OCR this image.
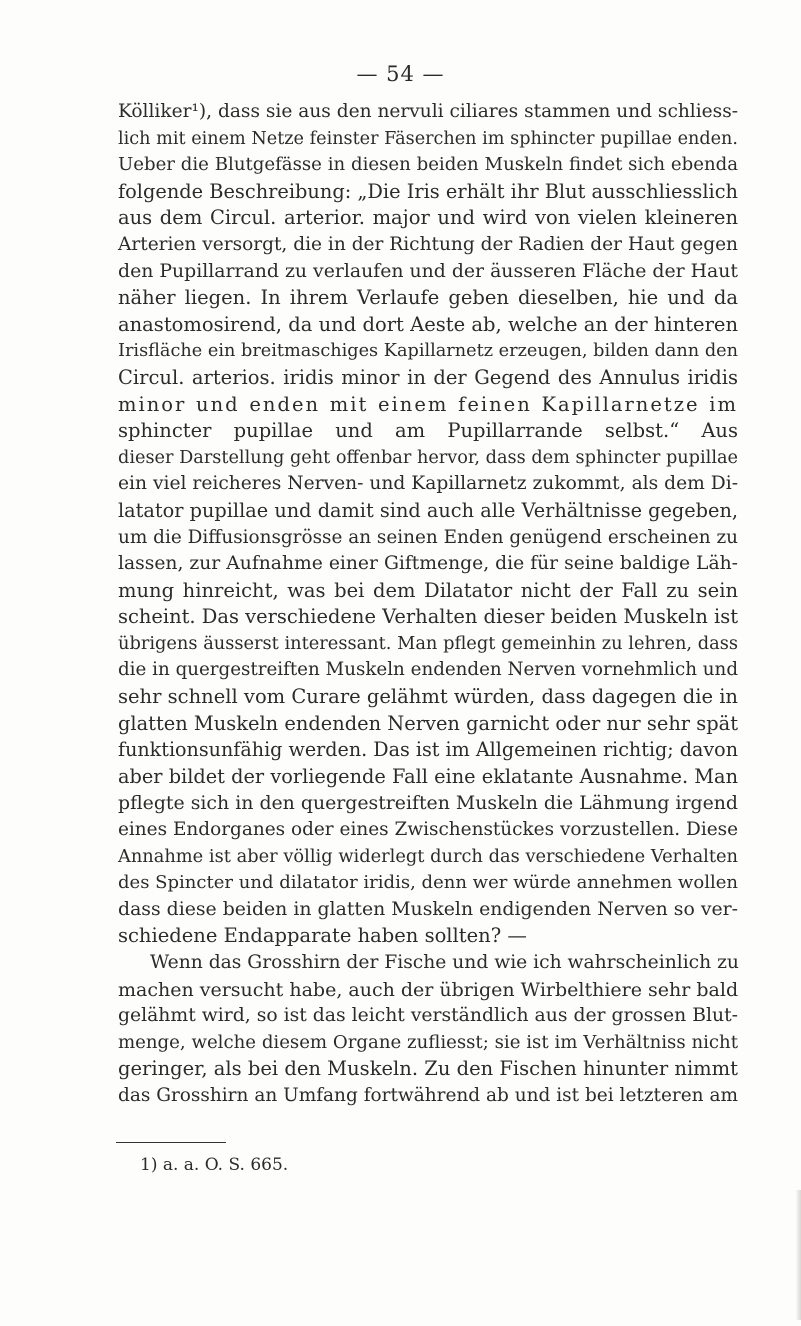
— 54 —
Kölliker¹), dass sie aus den nervuli ciliares stammen und schliess-
lich mit einem Netze feinster Fäserchen im sphincter pupillae enden.
Ueber die Blutgefässe in diesen beiden Muskeln findet sich ebenda
folgende Beschreibung: „Die Iris erhält ihr Blut ausschliesslich
aus dem Circul. arterior. major und wird von vielen kleineren
Arterien versorgt, die in der Richtung der Radien der Haut gegen
den Pupillarrand zu verlaufen und der äusseren Fläche der Haut
näher liegen. In ihrem Verlaufe geben dieselben, hie und da
anastomosirend, da und dort Aeste ab, welche an der hinteren
Irisfläche ein breitmaschiges Kapillarnetz erzeugen, bilden dann den
Circul. arterios. iridis minor in der Gegend des Annulus iridis
minor und enden mit einem feinen Kapillarnetze im
sphincter pupillae und am Pupillarrande selbst.“ Aus
dieser Darstellung geht offenbar hervor, dass dem sphincter pupillae
ein viel reicheres Nerven- und Kapillarnetz zukommt, als dem Di-
latator pupillae und damit sind auch alle Verhältnisse gegeben,
um die Diffusionsgrösse an seinen Enden genügend erscheinen zu
lassen, zur Aufnahme einer Giftmenge, die für seine baldige Läh-
mung hinreicht, was bei dem Dilatator nicht der Fall zu sein
scheint. Das verschiedene Verhalten dieser beiden Muskeln ist
übrigens äusserst interessant. Man pflegt gemeinhin zu lehren, dass
die in quergestreiften Muskeln endenden Nerven vornehmlich und
sehr schnell vom Curare gelähmt würden, dass dagegen die in
glatten Muskeln endenden Nerven garnicht oder nur sehr spät
funktionsunfähig werden. Das ist im Allgemeinen richtig; davon
aber bildet der vorliegende Fall eine eklatante Ausnahme. Man
pflegte sich in den quergestreiften Muskeln die Lähmung irgend
eines Endorganes oder eines Zwischenstückes vorzustellen. Diese
Annahme ist aber völlig widerlegt durch das verschiedene Verhalten
des Spincter und dilatator iridis, denn wer würde annehmen wollen
dass diese beiden in glatten Muskeln endigenden Nerven so ver-
schiedene Endapparate haben sollten? —
Wenn das Grosshirn der Fische und wie ich wahrscheinlich zu
machen versucht habe, auch der übrigen Wirbelthiere sehr bald
gelähmt wird, so ist das leicht verständlich aus der grossen Blut-
menge, welche diesem Organe zufliesst; sie ist im Verhältniss nicht
geringer, als bei den Muskeln. Zu den Fischen hinunter nimmt
das Grosshirn an Umfang fortwährend ab und ist bei letzteren am
1) a. a. O. S. 665.
